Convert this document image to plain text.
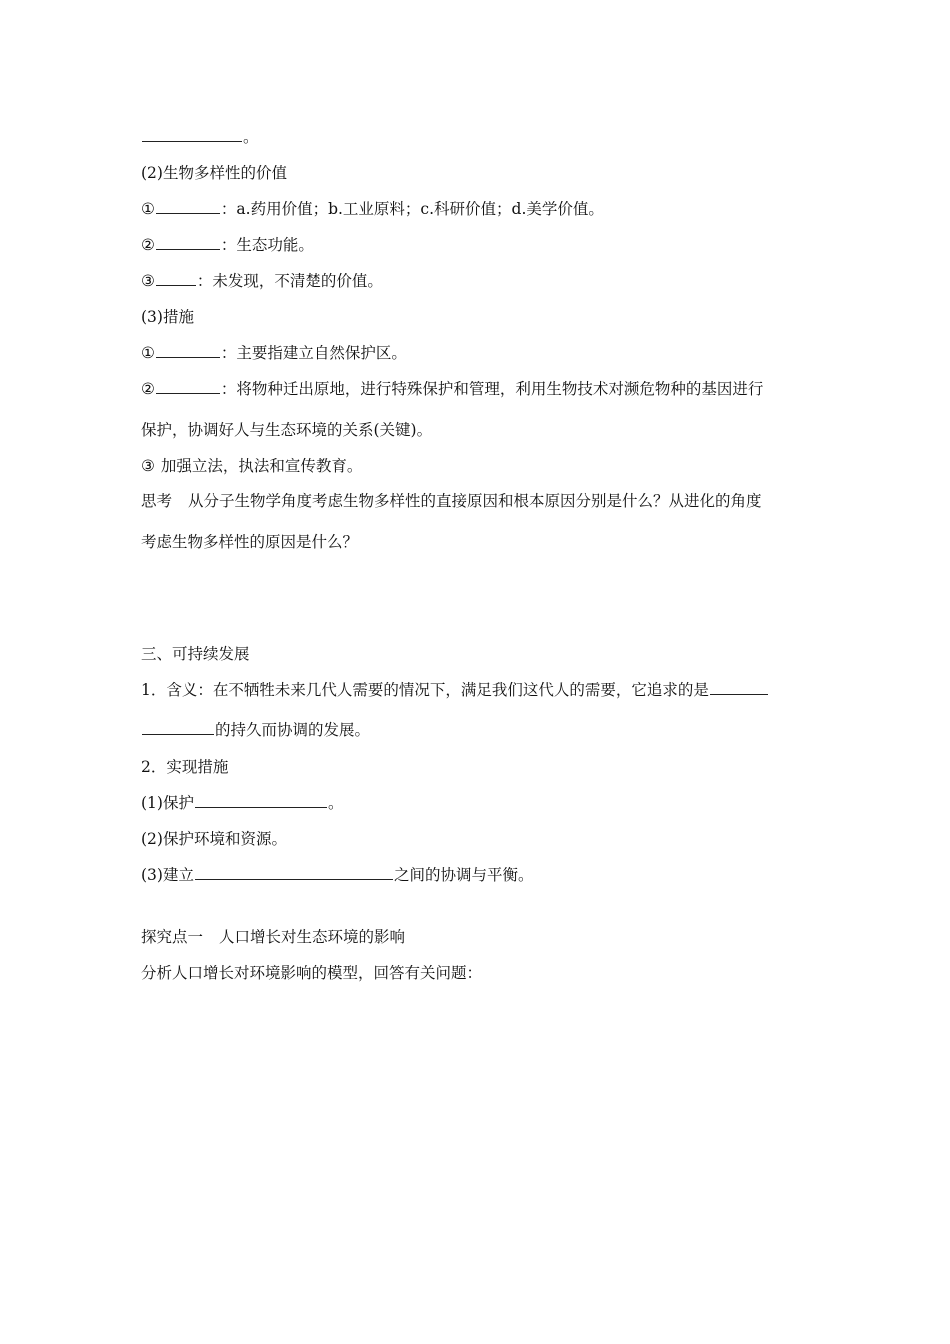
。
(2)生物多样性的价值
①	：a.药用价值；b.工业原料；c.科研价值；d.美学价值。
②	：生态功能。
③	：未发现，不清楚的价值。
(3)措施
①	：主要指建立自然保护区。
②	：将物种迁出原地，进行特殊保护和管理，利用生物技术对濒危物种的基因进行
保护，协调好人与生态环境的关系(关键)。
③ 加强立法，执法和宣传教育。
思考 从分子生物学角度考虑生物多样性的直接原因和根本原因分别是什么？从进化的角度
考虑生物多样性的原因是什么？
三、可持续发展
1．含义：在不牺牲未来几代人需要的情况下，满足我们这代人的需要，它追求的是
的持久而协调的发展。
2．实现措施
(1)保护	。
(2)保护环境和资源。
(3)建立	之间的协调与平衡。
探究点一 人口增长对生态环境的影响
分析人口增长对环境影响的模型，回答有关问题：
